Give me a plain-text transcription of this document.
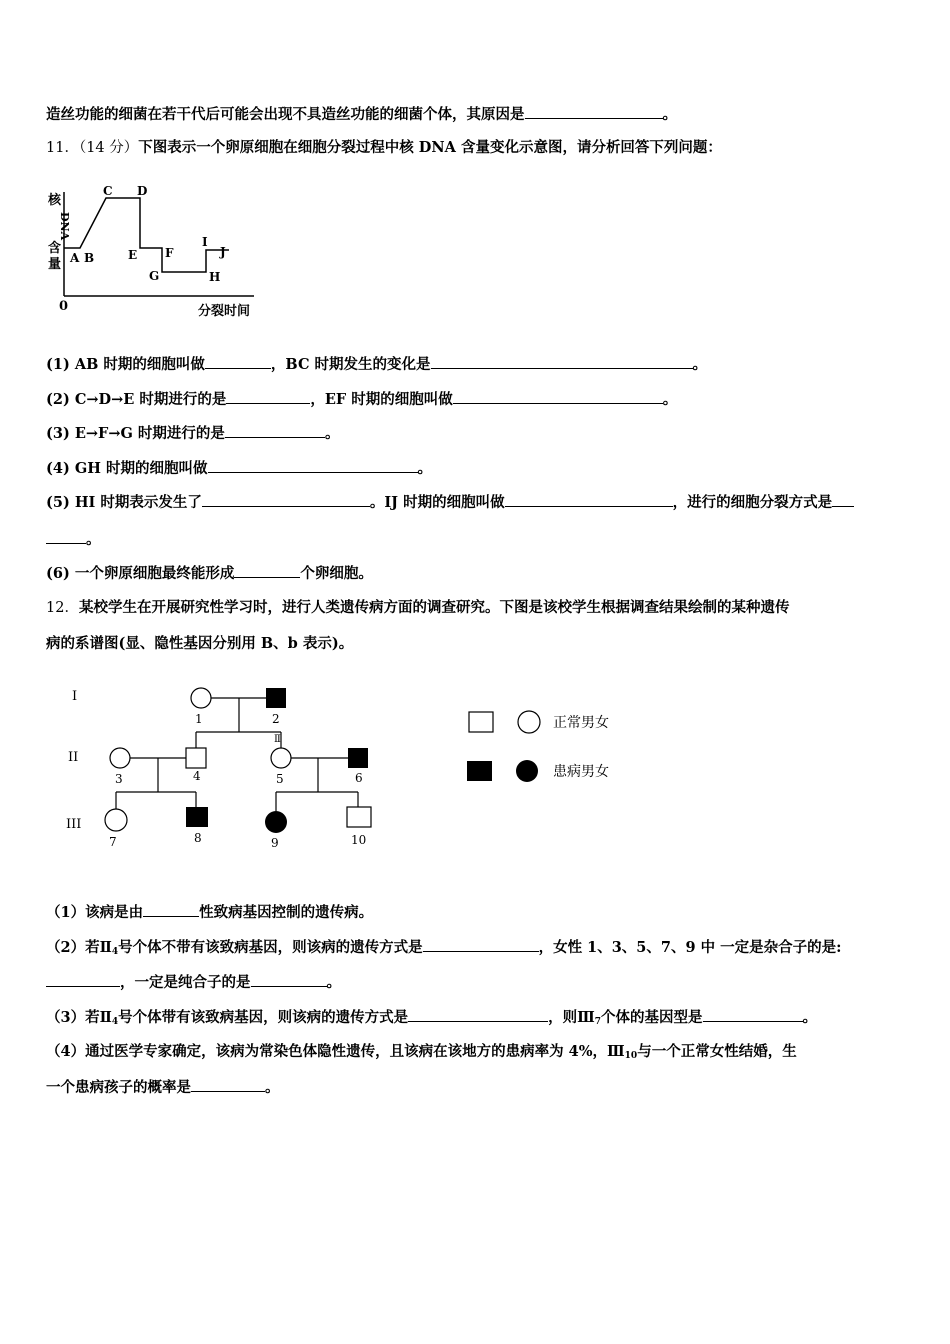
造丝功能的细菌在若干代后可能会出现不具造丝功能的细菌个体，其原因是	。
11．（14 分）下图表示一个卵原细胞在细胞分裂过程中核 DNA 含量变化示意图，请分析回答下列问题：
核
DNA
含
量
0	分裂时间
A B
C D
E F
G	H
I
J
(1) AB 时期的细胞叫做	，BC 时期发生的变化是	。
(2) C→D→E 时期进行的是	，EF 时期的细胞叫做	。
(3) E→F→G 时期进行的是	。
(4) GH 时期的细胞叫做	。
(5) HI 时期表示发生了	。IJ 时期的细胞叫做	，进行的细胞分裂方式是
。
(6) 一个卵原细胞最终能形成	个卵细胞。
12．某校学生在开展研究性学习时，进行人类遗传病方面的调查研究。下图是该校学生根据调查结果绘制的某种遗传
病的系谱图(显、隐性基因分别用 B、b 表示)。
I
II
III
1	2
Ⅱ
3	4	5	6
7	8	9	10
正常男女
患病男女
（1）该病是由	性致病基因控制的遗传病。
（2）若$Ⅱ_4$号个体不带有该致病基因，则该病的遗传方式是	，女性 1、3、5、7、9 中 一定是杂合子的是:
，一定是纯合子的是	。
（3）若$Ⅱ_4$号个体带有该致病基因，则该病的遗传方式是	，则$Ⅲ_7$个体的基因型是	。
（4）通过医学专家确定，该病为常染色体隐性遗传，且该病在该地方的患病率为 4%，$Ⅲ_{10}$与一个正常女性结婚，生
一个患病孩子的概率是	。
